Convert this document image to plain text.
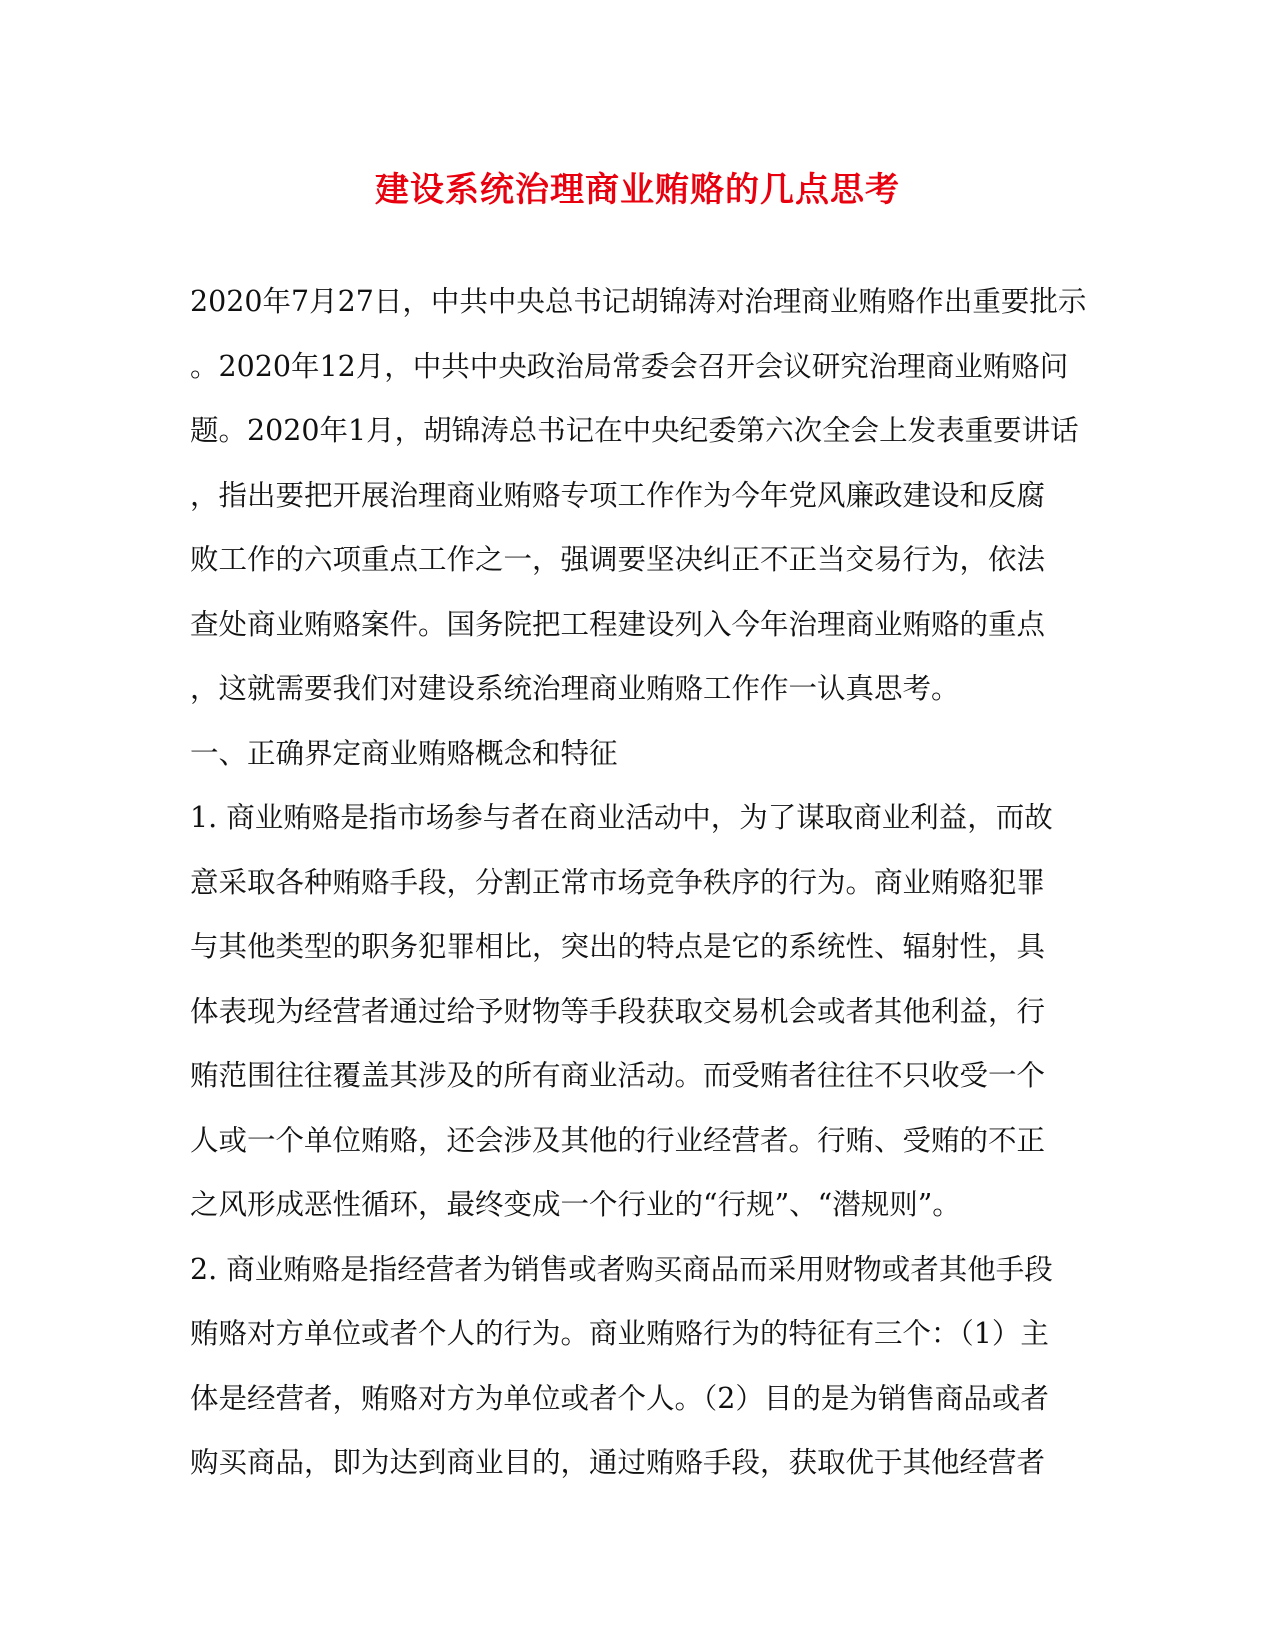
建设系统治理商业贿赂的几点思考
2020年7月27日，中共中央总书记胡锦涛对治理商业贿赂作出重要批示
。2020年12月，中共中央政治局常委会召开会议研究治理商业贿赂问
题。2020年1月，胡锦涛总书记在中央纪委第六次全会上发表重要讲话
，指出要把开展治理商业贿赂专项工作作为今年党风廉政建设和反腐
败工作的六项重点工作之一，强调要坚决纠正不正当交易行为，依法
查处商业贿赂案件。国务院把工程建设列入今年治理商业贿赂的重点
，这就需要我们对建设系统治理商业贿赂工作作一认真思考。
一、正确界定商业贿赂概念和特征
1. 商业贿赂是指市场参与者在商业活动中，为了谋取商业利益，而故
意采取各种贿赂手段，分割正常市场竞争秩序的行为。商业贿赂犯罪
与其他类型的职务犯罪相比，突出的特点是它的系统性、辐射性，具
体表现为经营者通过给予财物等手段获取交易机会或者其他利益，行
贿范围往往覆盖其涉及的所有商业活动。而受贿者往往不只收受一个
人或一个单位贿赂，还会涉及其他的行业经营者。行贿、受贿的不正
之风形成恶性循环，最终变成一个行业的“行规”、“潜规则”。
2. 商业贿赂是指经营者为销售或者购买商品而采用财物或者其他手段
贿赂对方单位或者个人的行为。商业贿赂行为的特征有三个：（1）主
体是经营者，贿赂对方为单位或者个人。（2）目的是为销售商品或者
购买商品，即为达到商业目的，通过贿赂手段，获取优于其他经营者
